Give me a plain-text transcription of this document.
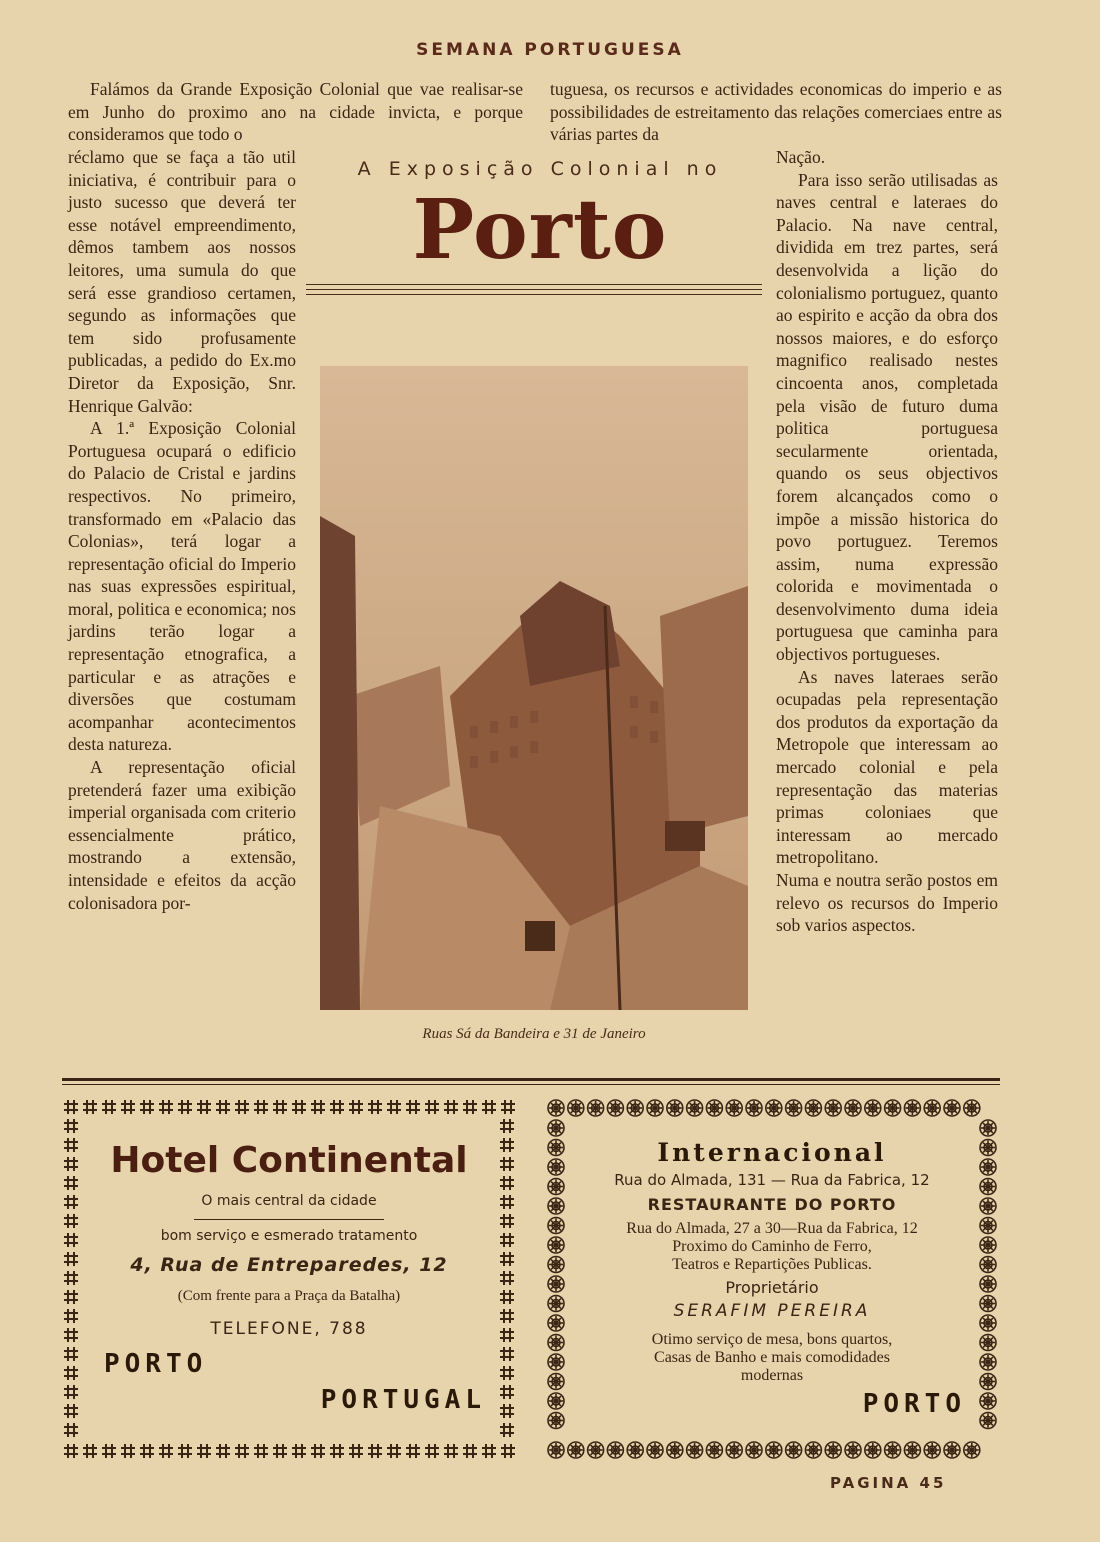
SEMANA PORTUGUESA

Falámos da Grande Exposição Colonial que vae realisar-se em Junho do proximo ano na cidade invicta, e porque consideramos que todo o

tuguesa, os recursos e actividades economicas do imperio e as possibilidades de estreitamento das relações comerciaes entre as várias partes da

A Exposição Colonial no
Porto

réclamo que se faça a tão util iniciativa, é contribuir para o justo sucesso que deverá ter esse notável empreendimento, dêmos tambem aos nossos leitores, uma sumula do que será esse grandioso certamen, segundo as informações que tem sido profusamente publicadas, a pedido do Ex.mo Diretor da Exposição, Snr. Henrique Galvão:

A 1.ª Exposição Colonial Portuguesa ocupará o edificio do Palacio de Cristal e jardins respectivos. No primeiro, transformado em «Palacio das Colonias», terá logar a representação oficial do Imperio nas suas expressões espiritual, moral, politica e economica; nos jardins terão logar a representação etnografica, a particular e as atrações e diversões que costumam acompanhar acontecimentos desta natureza.

A representação oficial pretenderá fazer uma exibição imperial organisada com criterio essencialmente prático, mostrando a extensão, intensidade e efeitos da acção colonisadora por-

Ruas Sá da Bandeira e 31 de Janeiro

Nação.

Para isso serão utilisadas as naves central e lateraes do Palacio. Na nave central, dividida em trez partes, será desenvolvida a lição do colonialismo portuguez, quanto ao espirito e acção da obra dos nossos maiores, e do esforço magnifico realisado nestes cincoenta anos, completada pela visão de futuro duma politica portuguesa secularmente orientada, quando os seus objectivos forem alcançados como o impõe a missão historica do povo portuguez. Teremos assim, numa expressão colorida e movimentada o desenvolvimento duma ideia portuguesa que caminha para objectivos portugueses.

As naves lateraes serão ocupadas pela representação dos produtos da exportação da Metropole que interessam ao mercado colonial e pela representação das materias primas coloniaes que interessam ao mercado metropolitano.

Numa e noutra serão postos em relevo os recursos do Imperio sob varios aspectos.

Hotel Continental
O mais central da cidade
bom serviço e esmerado tratamento
4, Rua de Entreparedes, 12
(Com frente para a Praça da Batalha)
TELEFONE, 788
PORTO
PORTUGAL
Internacional
Rua do Almada, 131 — Rua da Fabrica, 12
RESTAURANTE DO PORTO
Rua do Almada, 27 a 30—Rua da Fabrica, 12
Proximo do Caminho de Ferro,
Teatros e Repartições Publicas.
Proprietário
SERAFIM PEREIRA
Otimo serviço de mesa, bons quartos,
Casas de Banho e mais comodidades
modernas
PORTO
PAGINA 45
